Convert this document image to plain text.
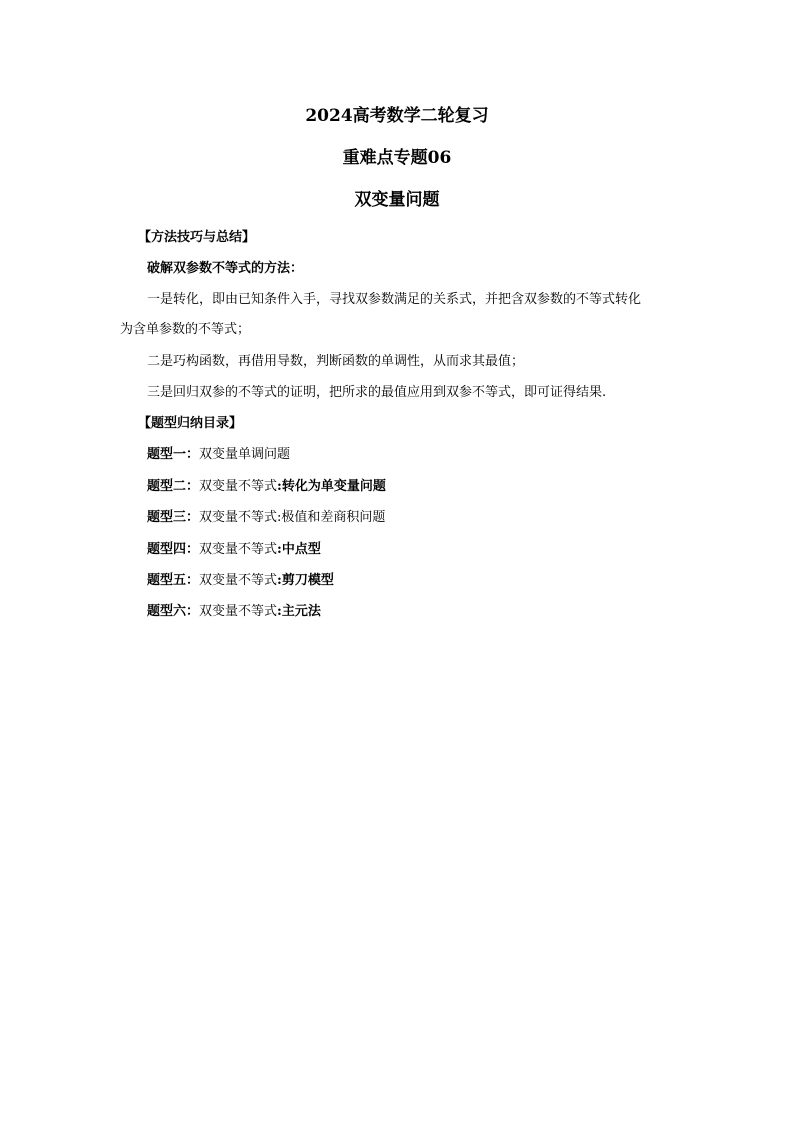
2024高考数学二轮复习
重难点专题06
双变量问题
【方法技巧与总结】
破解双参数不等式的方法：
一是转化，即由已知条件入手，寻找双参数满足的关系式，并把含双参数的不等式转化
为含单参数的不等式；
二是巧构函数，再借用导数，判断函数的单调性，从而求其最值；
三是回归双参的不等式的证明，把所求的最值应用到双参不等式，即可证得结果.
【题型归纳目录】
题型一：双变量单调问题
题型二：双变量不等式:转化为单变量问题
题型三：双变量不等式:极值和差商积问题
题型四：双变量不等式:中点型
题型五：双变量不等式:剪刀模型
题型六：双变量不等式:主元法
